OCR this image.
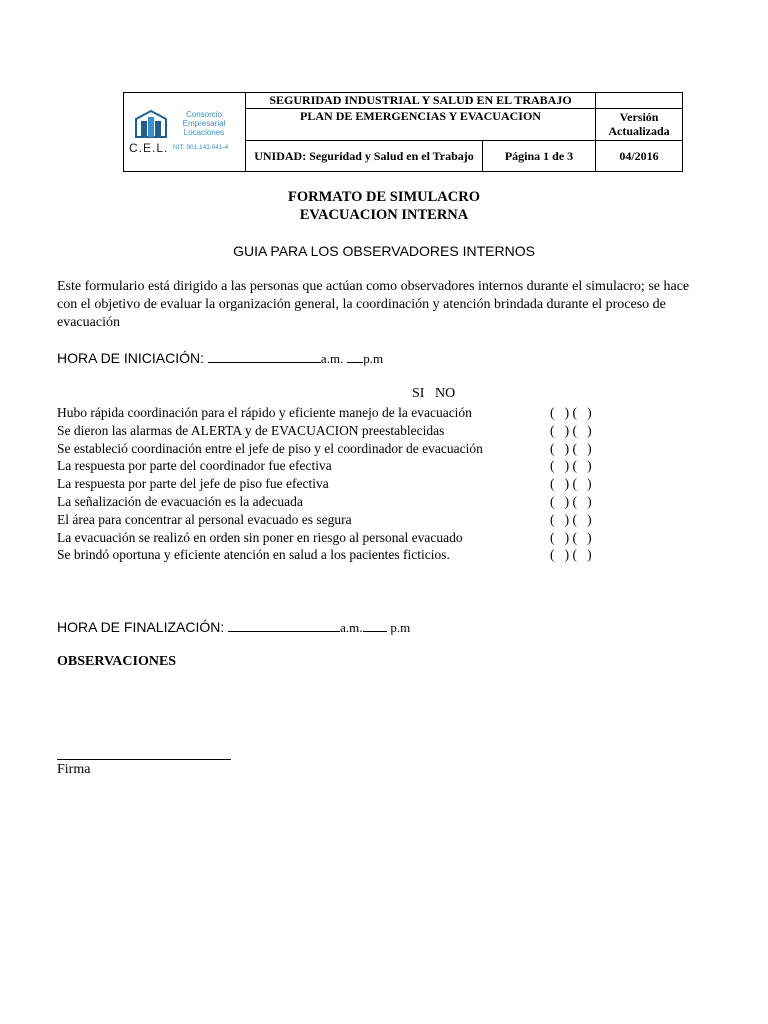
Consorcio
Empresarial
Locaciones
C.E.L. NIT: 901.143.041-4	SEGURIDAD INDUSTRIAL Y SALUD EN EL TRABAJO		
	PLAN DE EMERGENCIAS Y EVACUACION		Versión Actualizada
	UNIDAD: Seguridad y Salud en el Trabajo	Página 1 de 3	04/2016
FORMATO DE SIMULACRO
EVACUACION INTERNA
GUIA PARA LOS OBSERVADORES INTERNOS

Este formulario está dirigido a las personas que actúan como observadores internos durante el simulacro; se hace con el objetivo de evaluar la organización general, la coordinación y atención brindada durante el proceso de evacuación

HORA DE INICIACIÓN:	a.m. p.m
SI NO
Hubo rápida coordinación para el rápido y eficiente manejo de la evacuación	(   ) (   )
Se dieron las alarmas de ALERTA y de EVACUACION preestablecidas	(   ) (   )
Se estableció coordinación entre el jefe de piso y el coordinador de evacuación	(   ) (   )
La respuesta por parte del coordinador fue efectiva	(   ) (   )
La respuesta por parte del jefe de piso fue efectiva	(   ) (   )
La señalización de evacuación es la adecuada	(   ) (   )
El área para concentrar al personal evacuado es segura	(   ) (   )
La evacuación se realizó en orden sin poner en riesgo al personal evacuado	(   ) (   )
Se brindó oportuna y eficiente atención en salud a los pacientes ficticios.	(   ) (   )
HORA DE FINALIZACIÓN:	a.m. p.m
OBSERVACIONES
Firma
